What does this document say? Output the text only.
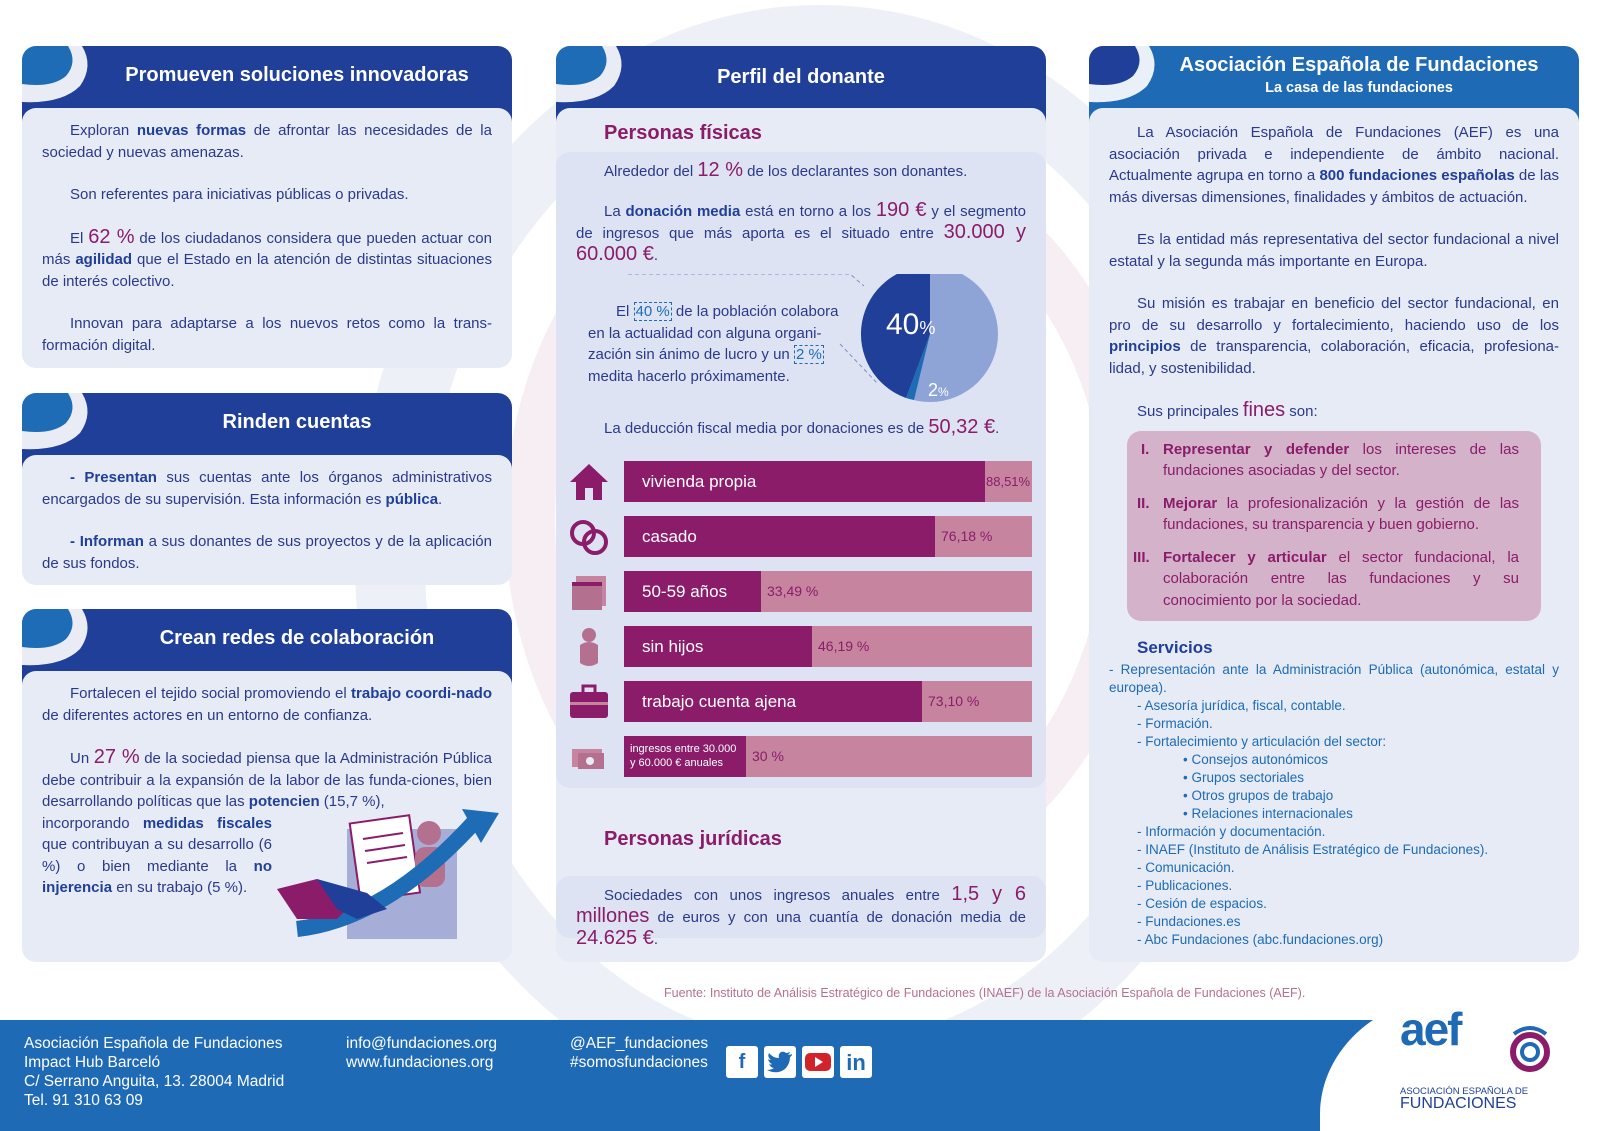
Promueven soluciones innovadoras

Exploran nuevas formas de afrontar las necesidades de la sociedad y nuevas amenazas.

Son referentes para iniciativas públicas o privadas.

El 62 % de los ciudadanos considera que pueden actuar con más agilidad que el Estado en la atención de distintas situaciones de interés colectivo.

Innovan para adaptarse a los nuevos retos como la trans-formación digital.

Rinden cuentas

- Presentan sus cuentas ante los órganos administrativos encargados de su supervisión. Esta información es pública.

- Informan a sus donantes de sus proyectos y de la aplicación de sus fondos.

Crean redes de colaboración

Fortalecen el tejido social promoviendo el trabajo coordi-nado de diferentes actores en un entorno de confianza.

Un 27 % de la sociedad piensa que la Administración Pública debe contribuir a la expansión de la labor de las funda-ciones, bien desarrollando políticas que las potencien (15,7 %),

incorporando medidas fiscales que contribuyan a su desarrollo (6 %) o bien mediante la no injerencia en su trabajo (5 %).

Perfil del donante
Personas físicas

Alrededor del 12 % de los declarantes son donantes.

La donación media está en torno a los 190 € y el segmento de ingresos que más aporta es el situado entre 30.000 y 60.000 €.

El 40 % de la población colabora en la actualidad con alguna organi-zación sin ánimo de lucro y un 2 % medita hacerlo próximamente.
40%
2%
La deducción fiscal media por donaciones es de 50,32 €.
vivienda propia	88,51%
casado	76,18 %
50-59 años	33,49 %
sin hijos	46,19 %
trabajo cuenta ajena	73,10 %
ingresos entre 30.000
y 60.000 € anuales	30 %
Personas jurídicas
Sociedades con unos ingresos anuales entre 1,5 y 6 millones de euros y con una cuantía de donación media de 24.625 €.
Asociación Española de Fundaciones
La casa de las fundaciones

La Asociación Española de Fundaciones (AEF) es una asociación privada e independiente de ámbito nacional. Actualmente agrupa en torno a 800 fundaciones españolas de las más diversas dimensiones, finalidades y ámbitos de actuación.

Es la entidad más representativa del sector fundacional a nivel estatal y la segunda más importante en Europa.

Su misión es trabajar en beneficio del sector fundacional, en pro de su desarrollo y fortalecimiento, haciendo uso de los principios de transparencia, colaboración, eficacia, profesiona-lidad, y sostenibilidad.

Sus principales fines son:

I. Representar y defender los intereses de las fundaciones asociadas y del sector.
II. Mejorar la profesionalización y la gestión de las fundaciones, su transparencia y buen gobierno.
III. Fortalecer y articular el sector fundacional, la colaboración entre las fundaciones y su conocimiento por la sociedad.
Servicios
- Representación ante la Administración Pública (autonómica, estatal y europea).
- Asesoría jurídica, fiscal, contable.
- Formación.
- Fortalecimiento y articulación del sector:
• Consejos autonómicos
• Grupos sectoriales
• Otros grupos de trabajo
• Relaciones internacionales
- Información y documentación.
- INAEF (Instituto de Análisis Estratégico de Fundaciones).
- Comunicación.
- Publicaciones.
- Cesión de espacios.
- Fundaciones.es
- Abc Fundaciones (abc.fundaciones.org)
Fuente: Instituto de Análisis Estratégico de Fundaciones (INAEF) de la Asociación Española de Fundaciones (AEF).
Asociación Española de Fundaciones
Impact Hub Barceló
C/ Serrano Anguita, 13. 28004 Madrid
Tel. 91 310 63 09
info@fundaciones.org
www.fundaciones.org
@AEF_fundaciones
#somosfundaciones	f	in
aef
ASOCIACIÓN ESPAÑOLA DE
FUNDACIONES
